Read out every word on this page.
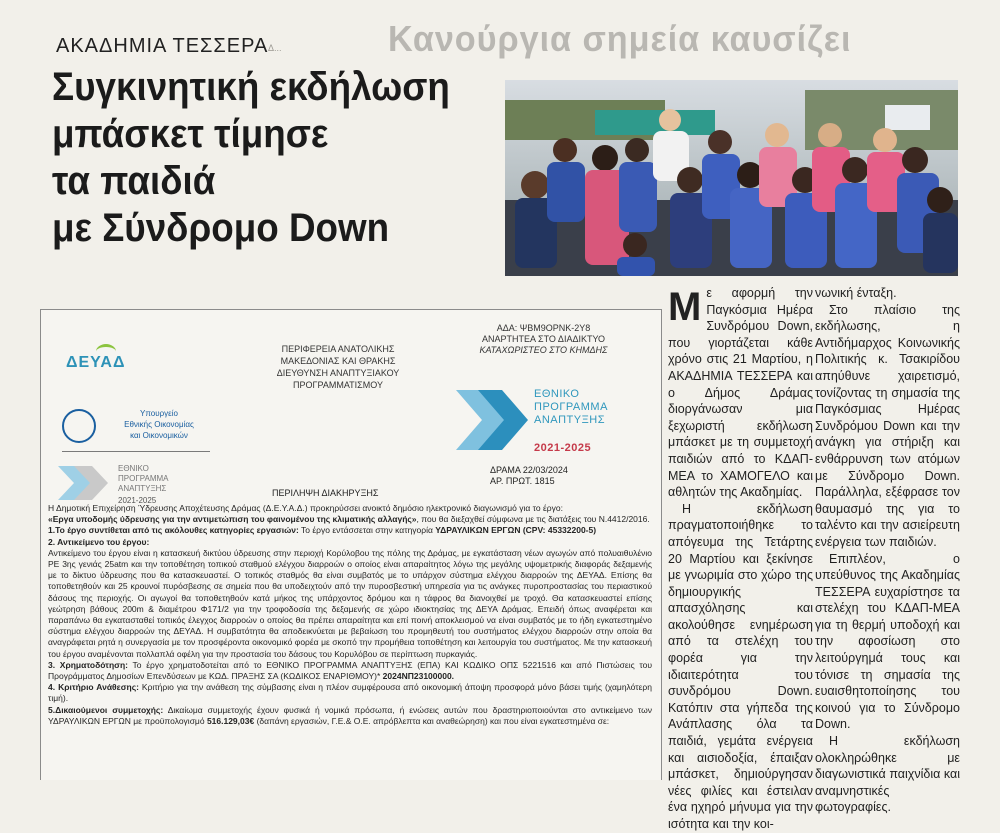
Κανούργια σημεία καυσίζει
Δ...
ΑΚΑΔΗΜΙΑ ΤΕΣΣΕΡΑ
Συγκινητική εκδήλωση
μπάσκετ τίμησε
τα παιδιά
με Σύνδρομο Down
ΔΕΥΑΔ
Υπουργείο
Εθνικής Οικονομίας
και Οικονομικών
ΕΘΝΙΚΟ
ΠΡΟΓΡΑΜΜΑ
ΑΝΑΠΤΥΞΗΣ
2021-2025
ΠΕΡΙΦΕΡΕΙΑ ΑΝΑΤΟΛΙΚΗΣ
ΜΑΚΕΔΟΝΙΑΣ ΚΑΙ ΘΡΑΚΗΣ
ΔΙΕΥΘΥΝΣΗ ΑΝΑΠΤΥΞΙΑΚΟΥ
ΠΡΟΓΡΑΜΜΑΤΙΣΜΟΥ
ΑΔΑ: ΨΒΜ9ΟΡΝΚ-2Υ8
ΑΝΑΡΤΗΤΕΑ ΣΤΟ ΔΙΑΔΙΚΤΥΟ
ΚΑΤΑΧΩΡΙΣΤΕΟ ΣΤΟ ΚΗΜΔΗΣ
ΕΘΝΙΚΟ
ΠΡΟΓΡΑΜΜΑ
ΑΝΑΠΤΥΞΗΣ
2021-2025
ΔΡΑΜΑ 22/03/2024
ΑΡ. ΠΡΩΤ. 1815
ΠΕΡΙΛΗΨΗ ΔΙΑΚΗΡΥΞΗΣ

Η Δημοτική Επιχείρηση Ύδρευσης Αποχέτευσης Δράμας (Δ.Ε.Υ.Α.Δ.) προκηρύσσει ανοικτό δημόσιο ηλεκτρονικό διαγωνισμό για το έργο:
«Εργα υποδομής ύδρευσης για την αντιμετώπιση του φαινομένου της κλιματικής αλλαγής», που θα διεξαχθεί σύμφωνα με τις διατάξεις του Ν.4412/2016.

1.Το έργο συντίθεται από τις ακόλουθες κατηγορίες εργασιών: Το έργο εντάσσεται στην κατηγορία ΥΔΡΑΥΛΙΚΩΝ ΕΡΓΩΝ (CPV: 45332200-5)

2. Αντικείμενο του έργου:
Αντικείμενο του έργου είναι η κατασκευή δικτύου ύδρευσης στην περιοχή Κορύλοβου της πόλης της Δράμας, με εγκατάσταση νέων αγωγών από πολυαιθυλένιο PE 3ης γενιάς 25atm και την τοποθέτηση τοπικού σταθμού ελέγχου διαρροών ο οποίος είναι απαραίτητος λόγω της μεγάλης υψομετρικής διαφοράς δεξαμενής με το δίκτυο ύδρευσης που θα κατασκευαστεί. Ο τοπικός σταθμός θα είναι συμβατός με το υπάρχον σύστημα ελέγχου διαρροών της ΔΕΥΑΔ. Επίσης θα τοποθετηθούν και 25 κρουνοί πυρόσβεσης σε σημεία που θα υποδειχτούν από την πυροσβεστική υπηρεσία για τις ανάγκες πυροπροστασίας του περιαστικού δάσους της περιοχής. Οι αγωγοί θα τοποθετηθούν κατά μήκος της υπάρχοντος δρόμου και η τάφρος θα διανοιχθεί με τροχό. Θα κατασκευαστεί επίσης γεώτρηση βάθους 200m & διαμέτρου Φ171/2 για την τροφοδοσία της δεξαμενής σε χώρο ιδιοκτησίας της ΔΕΥΑ Δράμας. Επειδή όπως αναφέρεται και παραπάνω θα εγκατασταθεί τοπικός έλεγχος διαρροών ο οποίος θα πρέπει απαραίτητα και επί ποινή αποκλεισμού να είναι συμβατός με το ήδη εγκατεστημένο σύστημα ελέγχου διαρροών της ΔΕΥΑΔ. Η συμβατότητα θα αποδεικνύεται με βεβαίωση του προμηθευτή του συστήματος ελέγχου διαρροών στην οποία θα αναγράφεται ρητά η συνεργασία με τον προσφέροντα οικονομικό φορέα με σκοπό την προμήθεια τοποθέτηση και λειτουργία του συστήματος. Με την κατασκευή του έργου αναμένονται πολλαπλά οφέλη για την προστασία του δάσους του Κορυλόβου σε περίπτωση πυρκαγιάς.

3. Χρηματοδότηση: Το έργο χρηματοδοτείται από το ΕΘΝΙΚΟ ΠΡΟΓΡΑΜΜΑ ΑΝΑΠΤΥΞΗΣ (ΕΠΑ) ΚΑΙ ΚΩΔΙΚΟ ΟΠΣ 5221516 και από Πιστώσεις του Προγράμματος Δημοσίων Επενδύσεων με ΚΩΔ. ΠΡΑΞΗΣ ΣΑ (ΚΩΔΙΚΟΣ ΕΝΑΡΙΘΜΟΥ)* 2024ΝΠ23100000.

4. Κριτήριο Ανάθεσης: Κριτήριο για την ανάθεση της σύμβασης είναι η πλέον συμφέρουσα από οικονομική άποψη προσφορά μόνο βάσει τιμής (χαμηλότερη τιμή).

5.Δικαιούμενοι συμμετοχής: Δικαίωμα συμμετοχής έχουν φυσικά ή νομικά πρόσωπα, ή ενώσεις αυτών που δραστηριοποιούνται στο αντικείμενο των ΥΔΡΑΥΛΙΚΩΝ ΕΡΓΩΝ με προϋπολογισμό 516.129,03€ (δαπάνη εργασιών, Γ.Ε.& Ο.Ε. απρόβλεπτα και αναθεώρηση) και που είναι εγκατεστημένα σε:

Με αφορμή την Παγκόσμια Ημέρα Συνδρόμου Down, που γιορτάζεται κάθε χρόνο στις 21 Μαρτίου, η ΑΚΑΔΗΜΙΑ ΤΕΣΣΕΡΑ και ο Δήμος Δράμας διοργάνωσαν μια ξεχωριστή εκδήλωση μπάσκετ με τη συμμετοχή παιδιών από το ΚΔΑΠ-ΜΕΑ το ΧΑΜΟΓΕΛΟ και αθλητών της Ακαδημίας.

Η εκδήλωση πραγματοποιήθηκε το απόγευμα της Τετάρτης 20 Μαρτίου και ξεκίνησε με γνωριμία στο χώρο της δημιουργικής απασχόλησης και ακολούθησε ενημέρωση από τα στελέχη του φορέα για την ιδιαιτερότητα του συνδρόμου Down. Κατόπιν στα γήπεδα της Ανάπλασης όλα τα παιδιά, γεμάτα ενέργεια και αισιοδοξία, έπαιξαν μπάσκετ, δημιούργησαν νέες φιλίες και έστειλαν ένα ηχηρό μήνυμα για την ισότητα και την κοι-

νωνική ένταξη.

Στο πλαίσιο της εκδήλωσης, η Αντιδήμαρχος Κοινωνικής Πολιτικής κ. Τσακιρίδου απηύθυνε χαιρετισμό, τονίζοντας τη σημασία της Παγκόσμιας Ημέρας Συνδρόμου Down και την ανάγκη για στήριξη και ενθάρρυνση των ατόμων με Σύνδρομο Down. Παράλληλα, εξέφρασε τον θαυμασμό της για το ταλέντο και την ασιείρευτη ενέργεια των παιδιών.

Επιπλέον, ο υπεύθυνος της Ακαδημίας ΤΕΣΣΕΡΑ ευχαρίστησε τα στελέχη του ΚΔΑΠ-ΜΕΑ για τη θερμή υποδοχή και την αφοσίωση στο λειτούργημά τους και τόνισε τη σημασία της ευαισθητοποίησης του κοινού για το Σύνδρομο Down.

Η εκδήλωση ολοκληρώθηκε με διαγωνιστικά παιχνίδια και αναμνηστικές φωτογραφίες.
